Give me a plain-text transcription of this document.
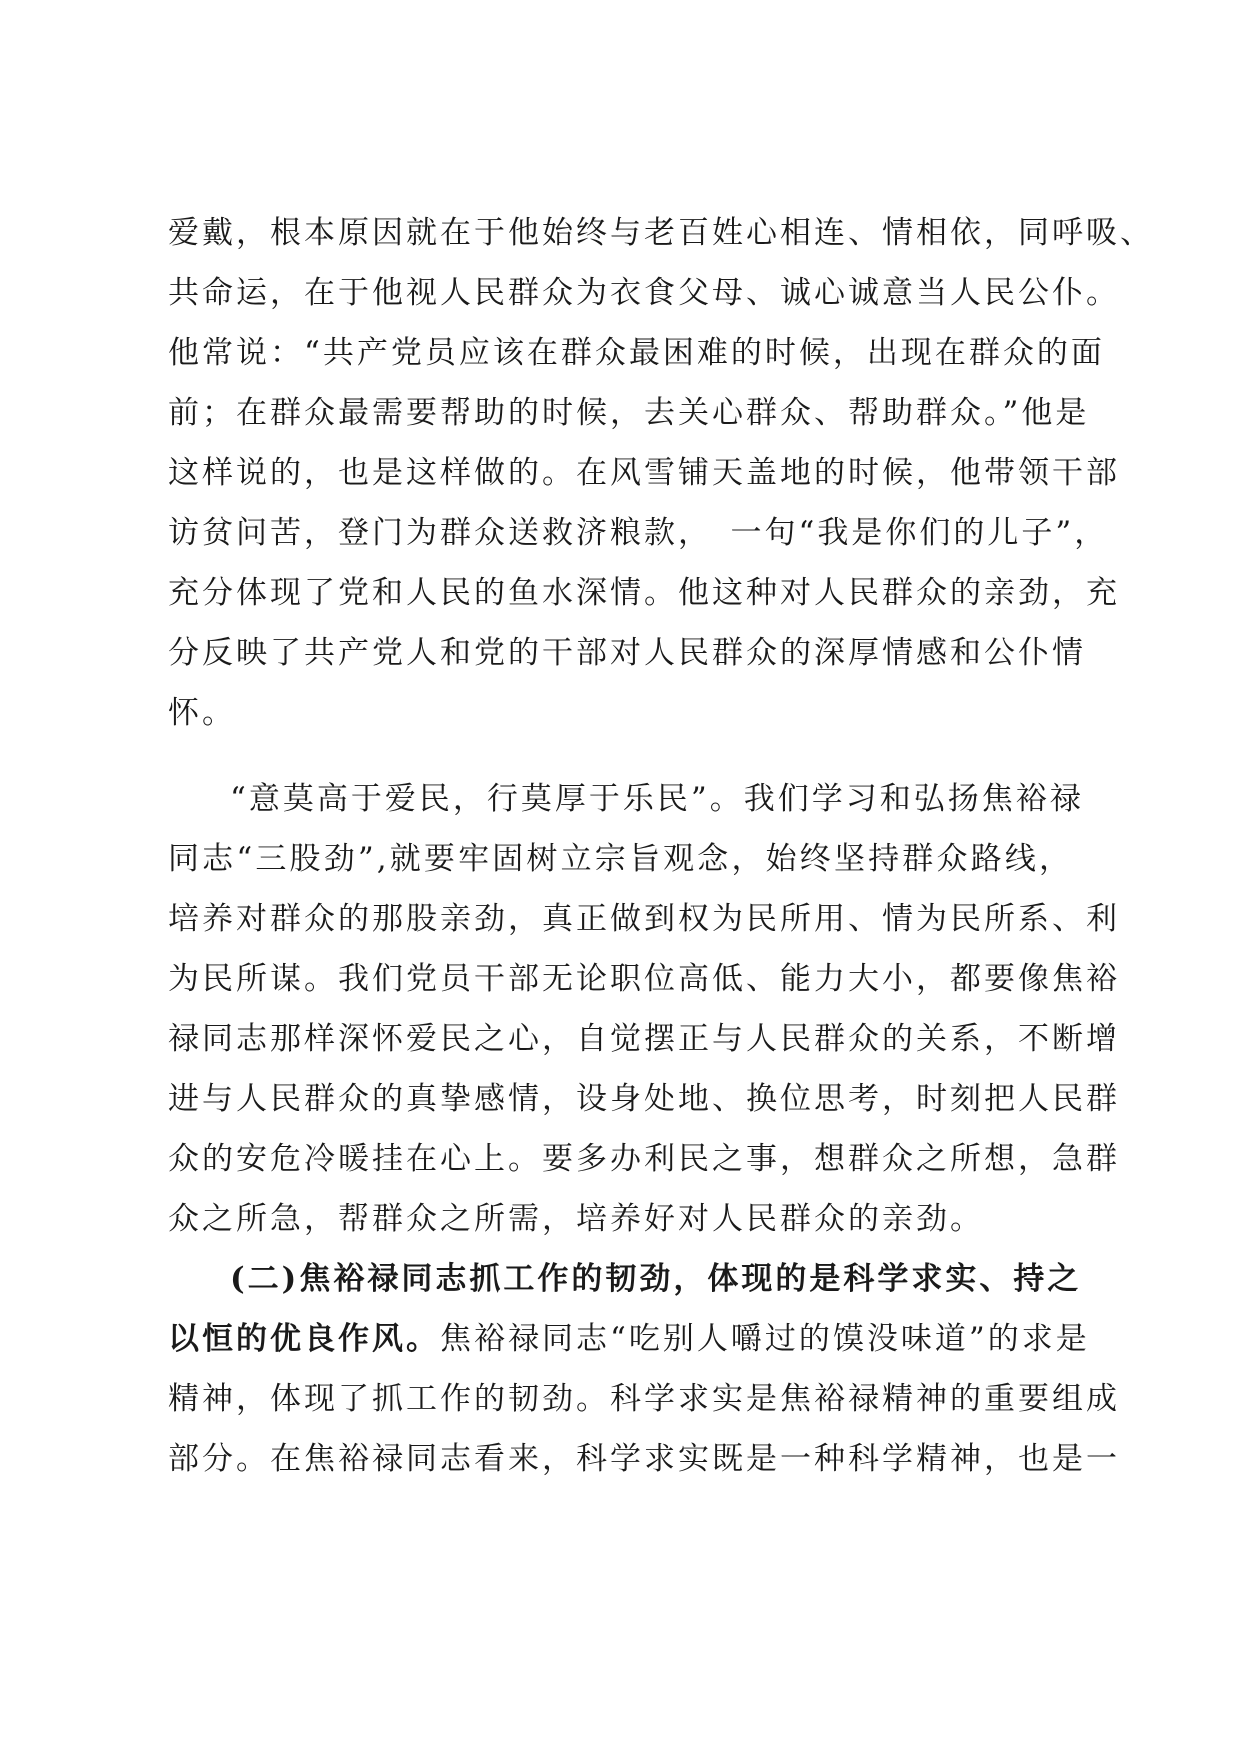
爱戴，根本原因就在于他始终与老百姓心相连、情相依，同呼吸、
共命运，在于他视人民群众为衣食父母、诚心诚意当人民公仆。
他常说：“共产党员应该在群众最困难的时候，出现在群众的面
前；在群众最需要帮助的时候，去关心群众、帮助群众。”他是
这样说的，也是这样做的。在风雪铺天盖地的时候，他带领干部
访贫问苦，登门为群众送救济粮款，　一句“我是你们的儿子”，
充分体现了党和人民的鱼水深情。他这种对人民群众的亲劲，充
分反映了共产党人和党的干部对人民群众的深厚情感和公仆情
怀。
“意莫高于爱民，行莫厚于乐民”。我们学习和弘扬焦裕禄
同志“三股劲”,就要牢固树立宗旨观念，始终坚持群众路线，
培养对群众的那股亲劲，真正做到权为民所用、情为民所系、利
为民所谋。我们党员干部无论职位高低、能力大小，都要像焦裕
禄同志那样深怀爱民之心，自觉摆正与人民群众的关系，不断增
进与人民群众的真挚感情，设身处地、换位思考，时刻把人民群
众的安危冷暖挂在心上。要多办利民之事，想群众之所想，急群
众之所急，帮群众之所需，培养好对人民群众的亲劲。
(二)焦裕禄同志抓工作的韧劲，体现的是科学求实、持之
以恒的优良作风。焦裕禄同志“吃别人嚼过的馍没味道”的求是
精神，体现了抓工作的韧劲。科学求实是焦裕禄精神的重要组成
部分。在焦裕禄同志看来，科学求实既是一种科学精神，也是一
